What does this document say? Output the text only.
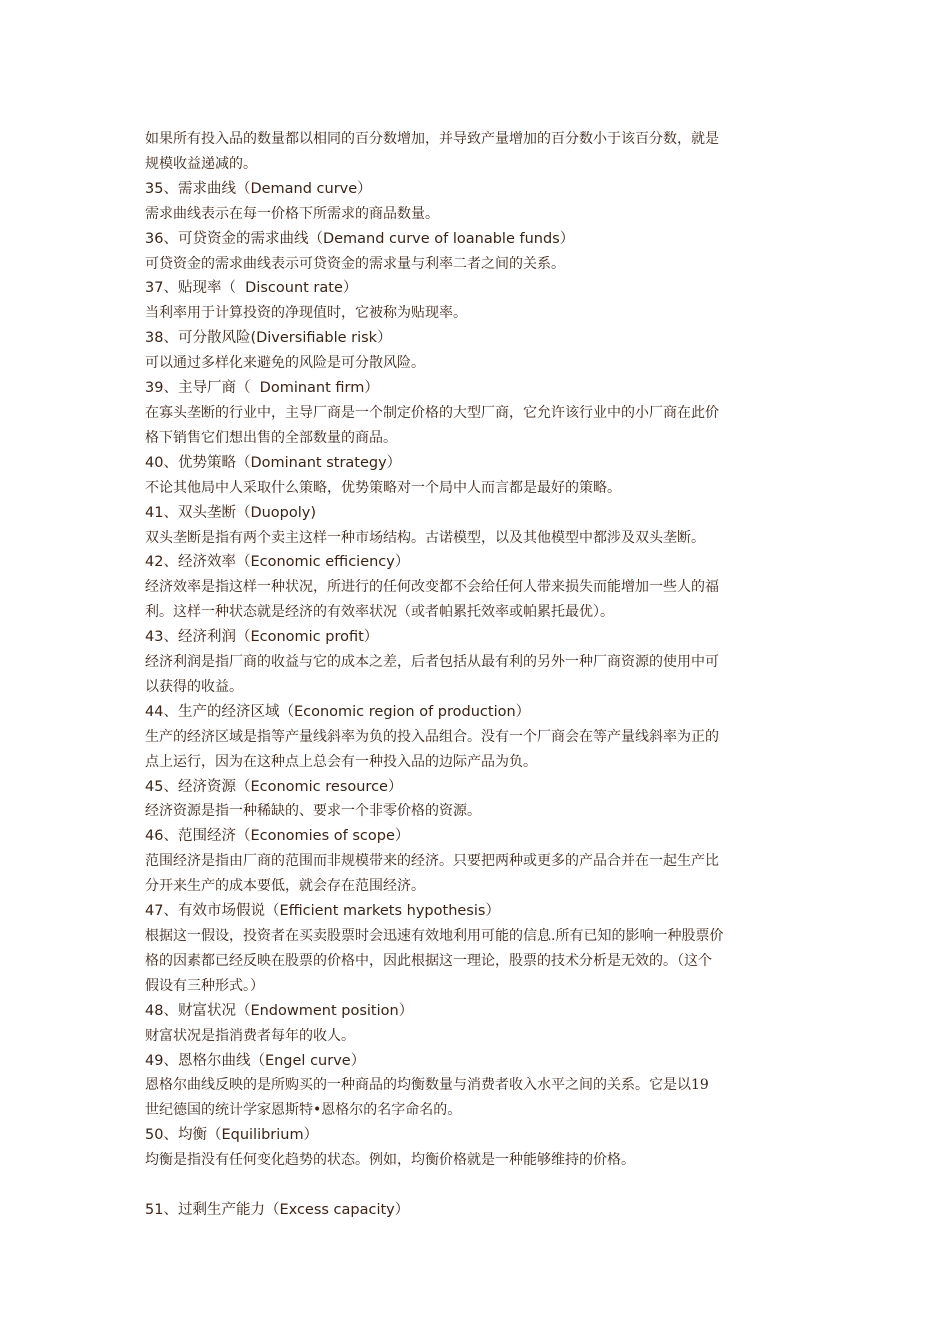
如果所有投入品的数量都以相同的百分数增加，并导致产量增加的百分数小于该百分数，就是

规模收益递减的。

35、需求曲线（Demand curve）

需求曲线表示在每一价格下所需求的商品数量。

36、可贷资金的需求曲线（Demand curve of loanable funds）

可贷资金的需求曲线表示可贷资金的需求量与利率二者之间的关系。

37、贴现率（  Discount rate）

当利率用于计算投资的净现值时，它被称为贴现率。

38、可分散风险(Diversifiable risk）

可以通过多样化来避免的风险是可分散风险。

39、主导厂商（  Dominant firm）

在寡头垄断的行业中，主导厂商是一个制定价格的大型厂商，它允许该行业中的小厂商在此价

格下销售它们想出售的全部数量的商品。

40、优势策略（Dominant strategy）

不论其他局中人采取什么策略，优势策略对一个局中人而言都是最好的策略。

41、双头垄断（Duopoly)

双头垄断是指有两个卖主这样一种市场结构。古诺模型，以及其他模型中都涉及双头垄断。

42、经济效率（Economic efficiency）

经济效率是指这样一种状况，所进行的任何改变都不会给任何人带来损失而能增加一些人的福

利。这样一种状态就是经济的有效率状况（或者帕累托效率或帕累托最优）。

43、经济利润（Economic profit）

经济利润是指厂商的收益与它的成本之差，后者包括从最有利的另外一种厂商资源的使用中可

以获得的收益。

44、生产的经济区域（Economic region of production）

生产的经济区域是指等产量线斜率为负的投入品组合。没有一个厂商会在等产量线斜率为正的

点上运行，因为在这种点上总会有一种投入品的边际产品为负。

45、经济资源（Economic resource）

经济资源是指一种稀缺的、要求一个非零价格的资源。

46、范围经济（Economies of scope）

范围经济是指由厂商的范围而非规模带来的经济。只要把两种或更多的产品合并在一起生产比

分开来生产的成本要低，就会存在范围经济。

47、有效市场假说（Efficient markets hypothesis）

根据这一假设，投资者在买卖股票时会迅速有效地利用可能的信息.所有已知的影响一种股票价

格的因素都已经反映在股票的价格中，因此根据这一理论，股票的技术分析是无效的。（这个

假设有三种形式。）

48、财富状况（Endowment position）

财富状况是指消费者每年的收人。

49、恩格尔曲线（Engel curve）

恩格尔曲线反映的是所购买的一种商品的均衡数量与消费者收入水平之间的关系。它是以19

世纪德国的统计学家恩斯特•恩格尔的名字命名的。

50、均衡（Equilibrium）

均衡是指没有任何变化趋势的状态。例如，均衡价格就是一种能够维持的价格。

51、过剩生产能力（Excess capacity）
